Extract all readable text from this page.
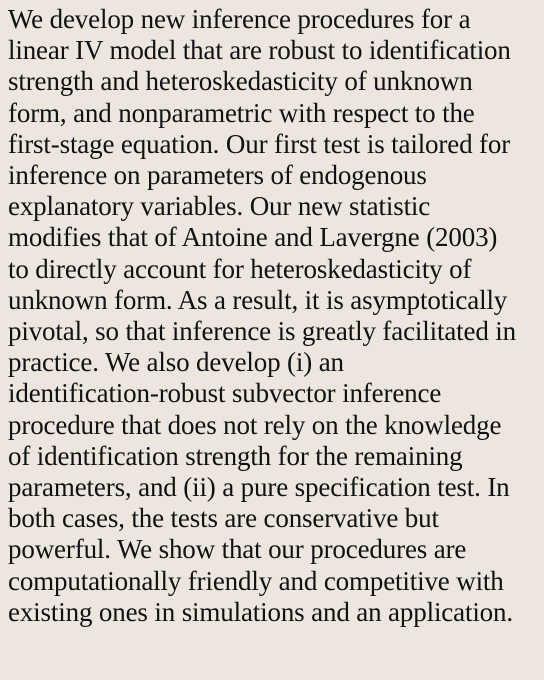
We develop new inference procedures for a
linear IV model that are robust to identification
strength and heteroskedasticity of unknown
form, and nonparametric with respect to the
first-stage equation. Our first test is tailored for
inference on parameters of endogenous
explanatory variables. Our new statistic
modifies that of Antoine and Lavergne (2003)
to directly account for heteroskedasticity of
unknown form. As a result, it is asymptotically
pivotal, so that inference is greatly facilitated in
practice. We also develop (i) an
identification-robust subvector inference
procedure that does not rely on the knowledge
of identification strength for the remaining
parameters, and (ii) a pure specification test. In
both cases, the tests are conservative but
powerful. We show that our procedures are
computationally friendly and competitive with
existing ones in simulations and an application.
